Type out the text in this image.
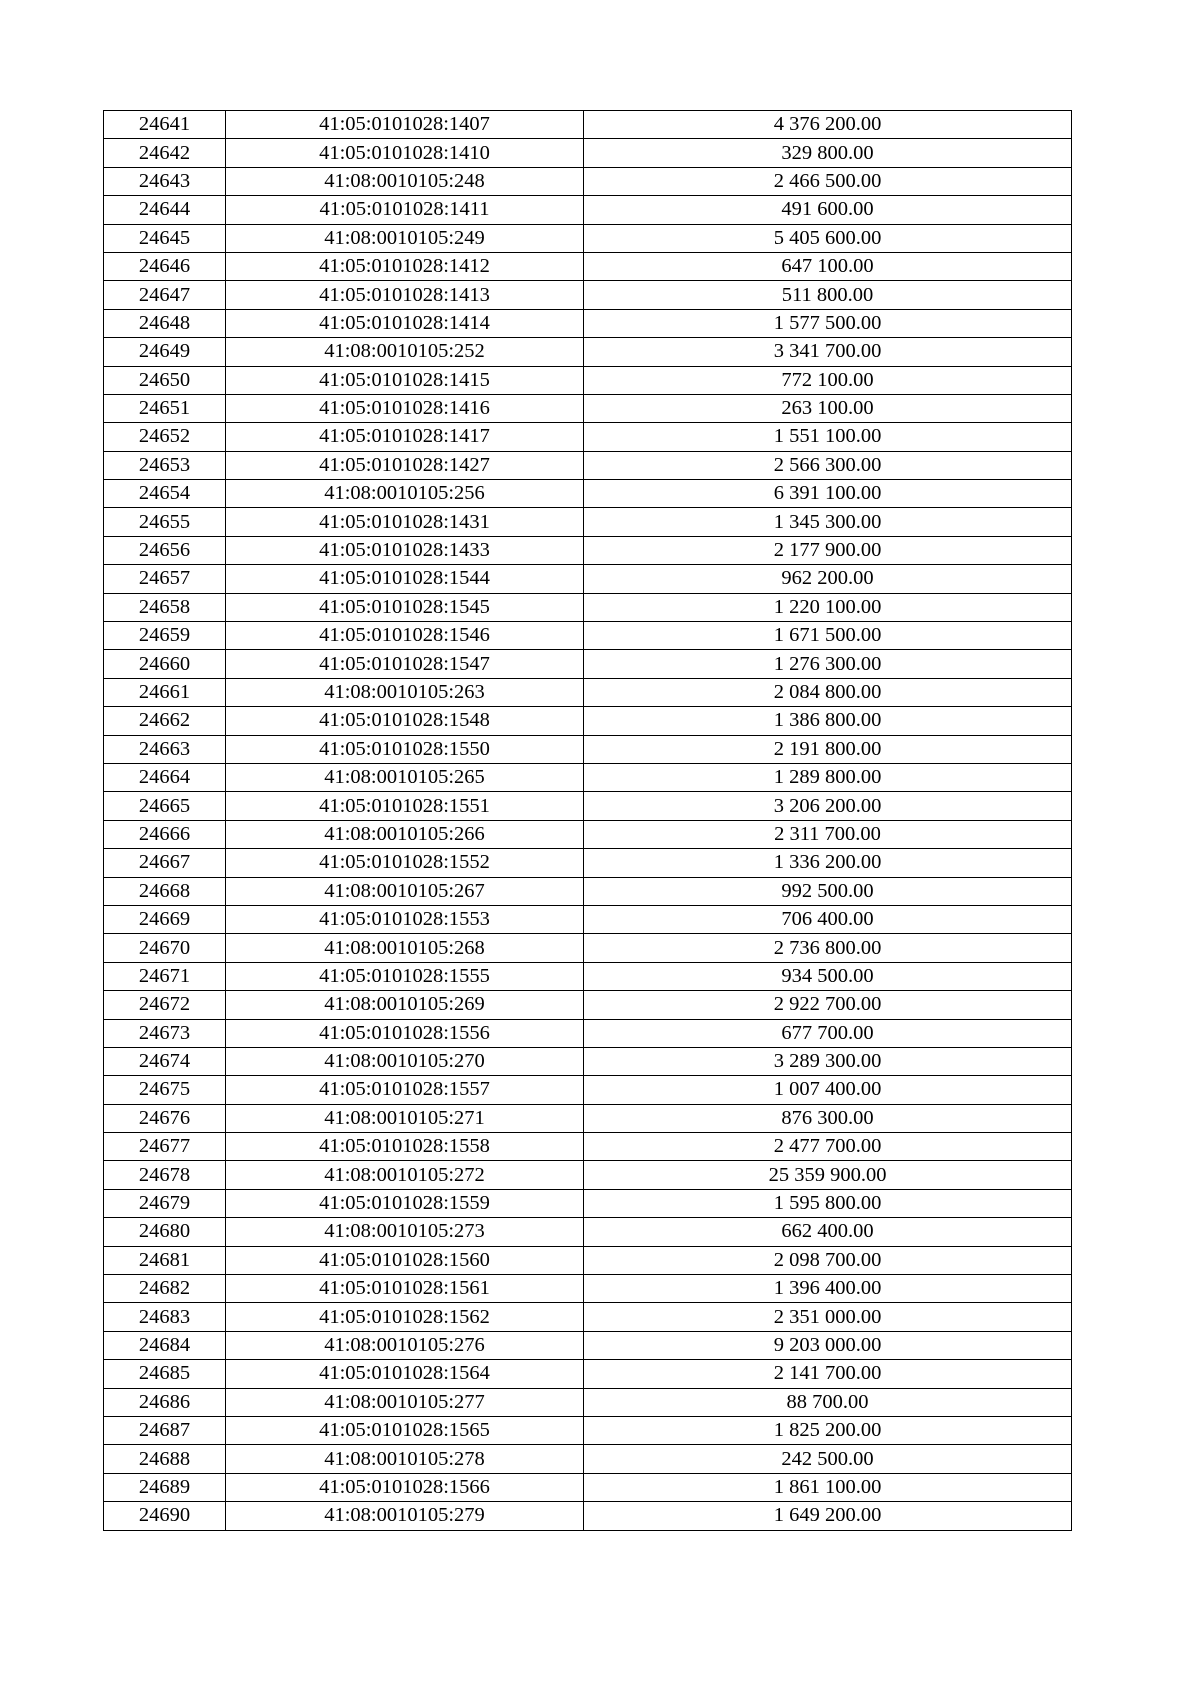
24641	41:05:0101028:1407	4 376 200.00
24642	41:05:0101028:1410	329 800.00
24643	41:08:0010105:248	2 466 500.00
24644	41:05:0101028:1411	491 600.00
24645	41:08:0010105:249	5 405 600.00
24646	41:05:0101028:1412	647 100.00
24647	41:05:0101028:1413	511 800.00
24648	41:05:0101028:1414	1 577 500.00
24649	41:08:0010105:252	3 341 700.00
24650	41:05:0101028:1415	772 100.00
24651	41:05:0101028:1416	263 100.00
24652	41:05:0101028:1417	1 551 100.00
24653	41:05:0101028:1427	2 566 300.00
24654	41:08:0010105:256	6 391 100.00
24655	41:05:0101028:1431	1 345 300.00
24656	41:05:0101028:1433	2 177 900.00
24657	41:05:0101028:1544	962 200.00
24658	41:05:0101028:1545	1 220 100.00
24659	41:05:0101028:1546	1 671 500.00
24660	41:05:0101028:1547	1 276 300.00
24661	41:08:0010105:263	2 084 800.00
24662	41:05:0101028:1548	1 386 800.00
24663	41:05:0101028:1550	2 191 800.00
24664	41:08:0010105:265	1 289 800.00
24665	41:05:0101028:1551	3 206 200.00
24666	41:08:0010105:266	2 311 700.00
24667	41:05:0101028:1552	1 336 200.00
24668	41:08:0010105:267	992 500.00
24669	41:05:0101028:1553	706 400.00
24670	41:08:0010105:268	2 736 800.00
24671	41:05:0101028:1555	934 500.00
24672	41:08:0010105:269	2 922 700.00
24673	41:05:0101028:1556	677 700.00
24674	41:08:0010105:270	3 289 300.00
24675	41:05:0101028:1557	1 007 400.00
24676	41:08:0010105:271	876 300.00
24677	41:05:0101028:1558	2 477 700.00
24678	41:08:0010105:272	25 359 900.00
24679	41:05:0101028:1559	1 595 800.00
24680	41:08:0010105:273	662 400.00
24681	41:05:0101028:1560	2 098 700.00
24682	41:05:0101028:1561	1 396 400.00
24683	41:05:0101028:1562	2 351 000.00
24684	41:08:0010105:276	9 203 000.00
24685	41:05:0101028:1564	2 141 700.00
24686	41:08:0010105:277	88 700.00
24687	41:05:0101028:1565	1 825 200.00
24688	41:08:0010105:278	242 500.00
24689	41:05:0101028:1566	1 861 100.00
24690	41:08:0010105:279	1 649 200.00
